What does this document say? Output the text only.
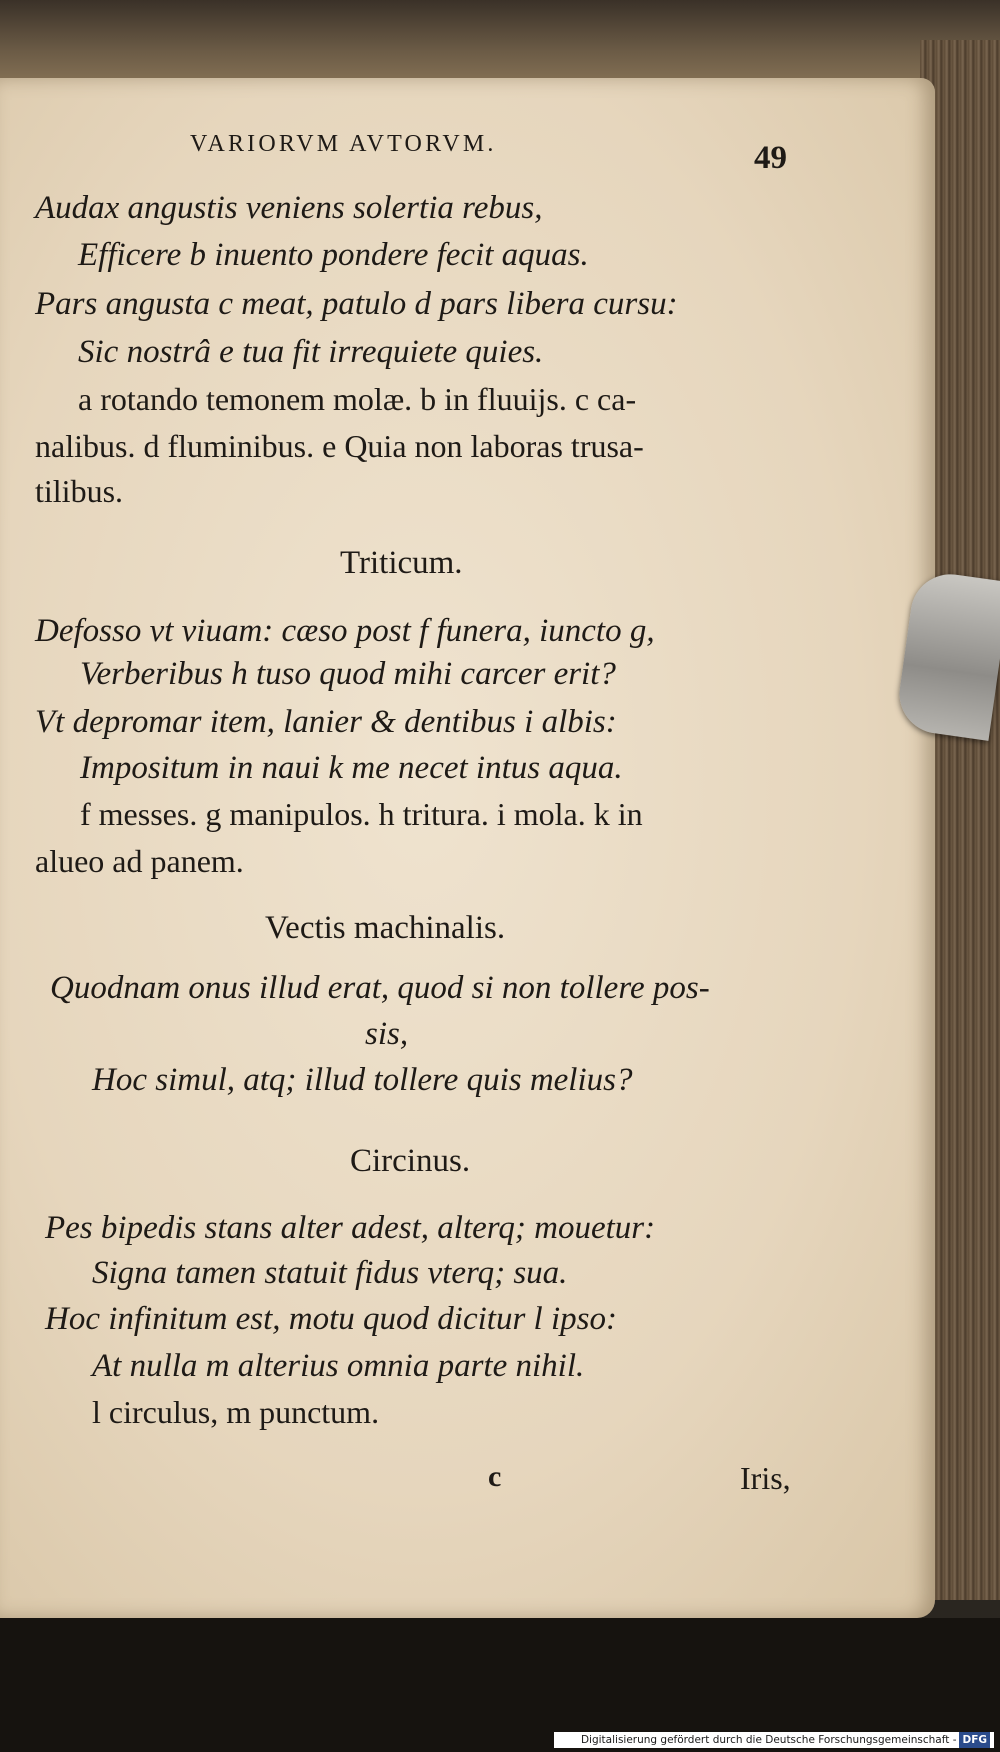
VARIORVM AVTORVM.	49
Audax angustis veniens solertia rebus,
Efficere b inuento pondere fecit aquas.
Pars angusta c meat, patulo d pars libera cursu:
Sic nostrâ e tua fit irrequiete quies.
a rotando temonem molæ. b in fluuijs. c ca-
nalibus. d fluminibus. e Quia non laboras trusa-
tilibus.
Triticum.
Defosso vt viuam: cæso post f funera, iuncto g,
Verberibus h tuso quod mihi carcer erit?
Vt depromar item, lanier & dentibus i albis:
Impositum in naui k me necet intus aqua.
f messes. g manipulos. h tritura. i mola. k in
alueo ad panem.
Vectis machinalis.
Quodnam onus illud erat, quod si non tollere pos-
sis,
Hoc simul, atq; illud tollere quis melius?
Circinus.
Pes bipedis stans alter adest, alterq; mouetur:
Signa tamen statuit fidus vterq; sua.
Hoc infinitum est, motu quod dicitur l ipso:
At nulla m alterius omnia parte nihil.
l circulus, m punctum.
c	Iris,
Digitalisierung gefördert durch die Deutsche Forschungsgemeinschaft - DFG
